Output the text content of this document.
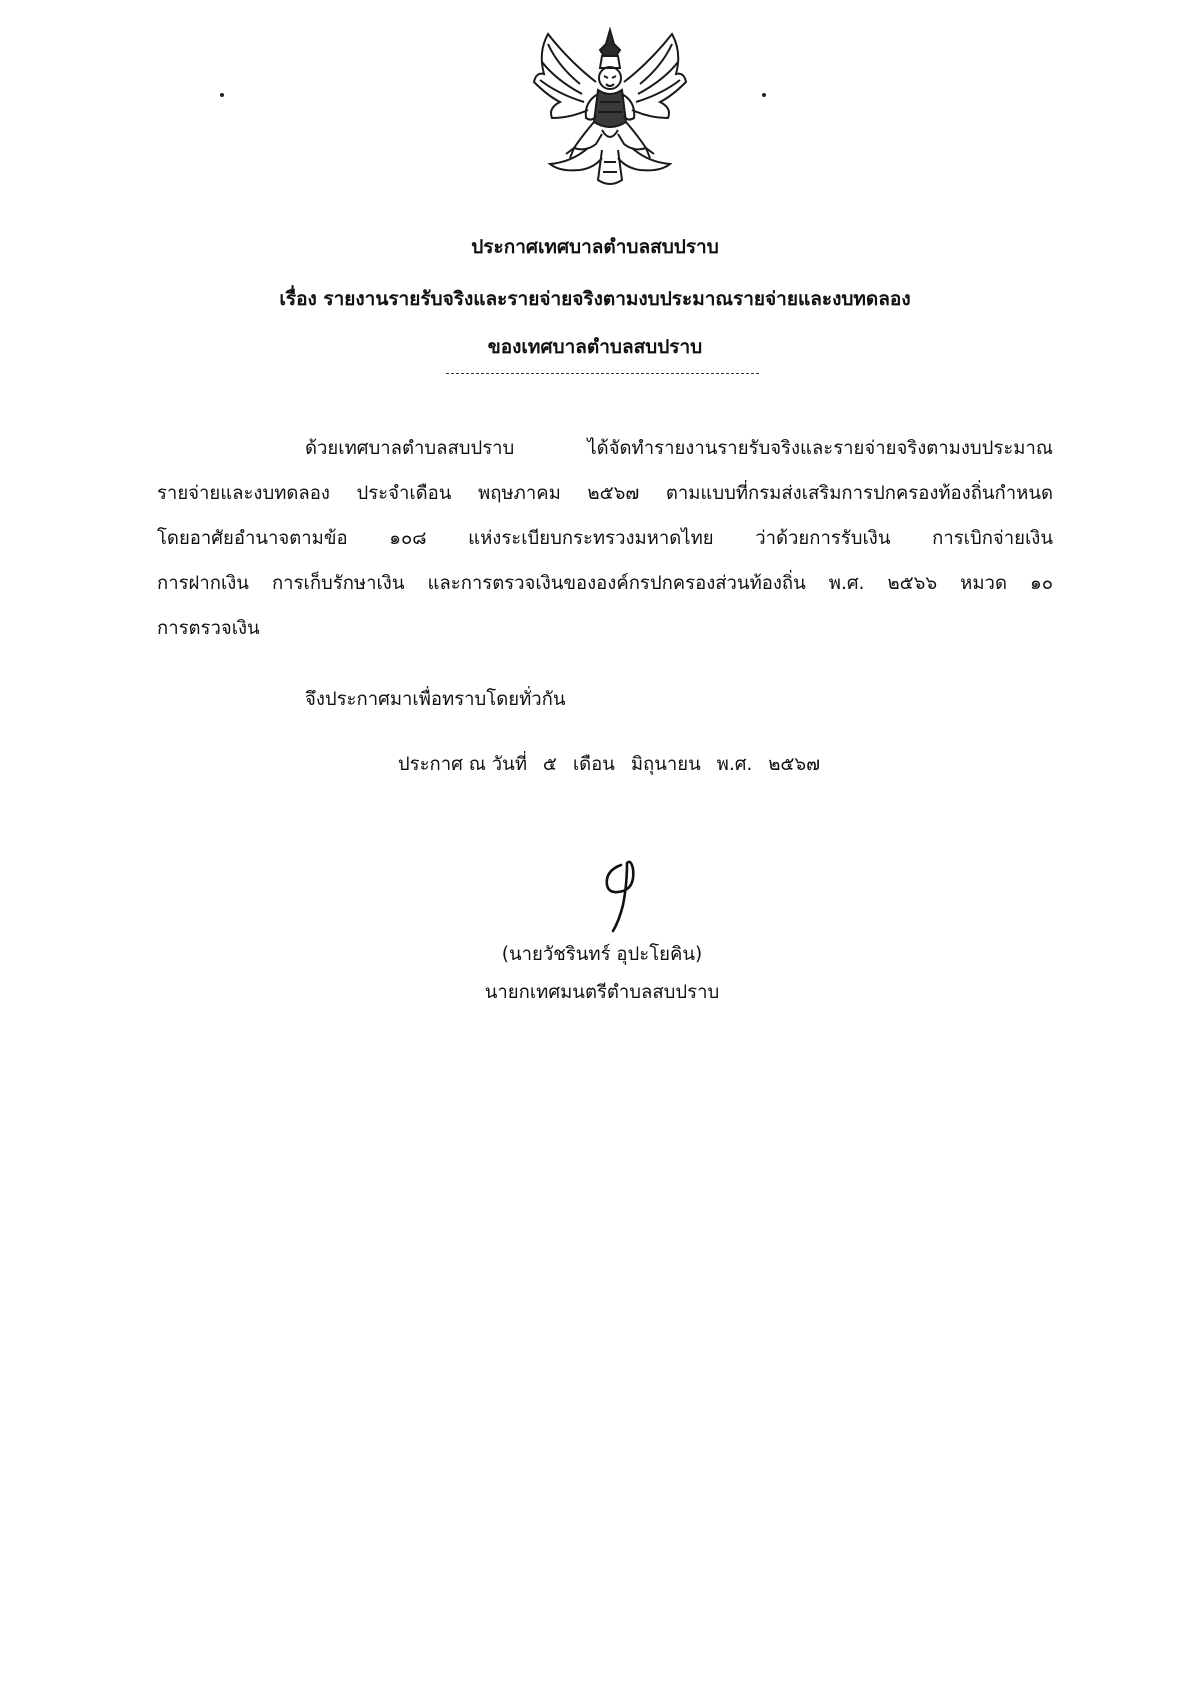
ประกาศเทศบาลตำบลสบปราบ
เรื่อง รายงานรายรับจริงและรายจ่ายจริงตามงบประมาณรายจ่ายและงบทดลอง
ของเทศบาลตำบลสบปราบ
ด้วยเทศบาลตำบลสบปราบ ได้จัดทำรายงานรายรับจริงและรายจ่ายจริงตามงบประมาณ
รายจ่ายและงบทดลอง ประจำเดือน พฤษภาคม ๒๕๖๗ ตามแบบที่กรมส่งเสริมการปกครองท้องถิ่นกำหนด
โดยอาศัยอำนาจตามข้อ ๑๐๘ แห่งระเบียบกระทรวงมหาดไทย ว่าด้วยการรับเงิน การเบิกจ่ายเงิน
การฝากเงิน การเก็บรักษาเงิน และการตรวจเงินขององค์กรปกครองส่วนท้องถิ่น พ.ศ. ๒๕๖๖ หมวด ๑๐
การตรวจเงิน
จึงประกาศมาเพื่อทราบโดยทั่วกัน
ประกาศ ณ วันที่ ๕ เดือน มิถุนายน พ.ศ. ๒๕๖๗
(นายวัชรินทร์ อุปะโยคิน)
นายกเทศมนตรีตำบลสบปราบ
